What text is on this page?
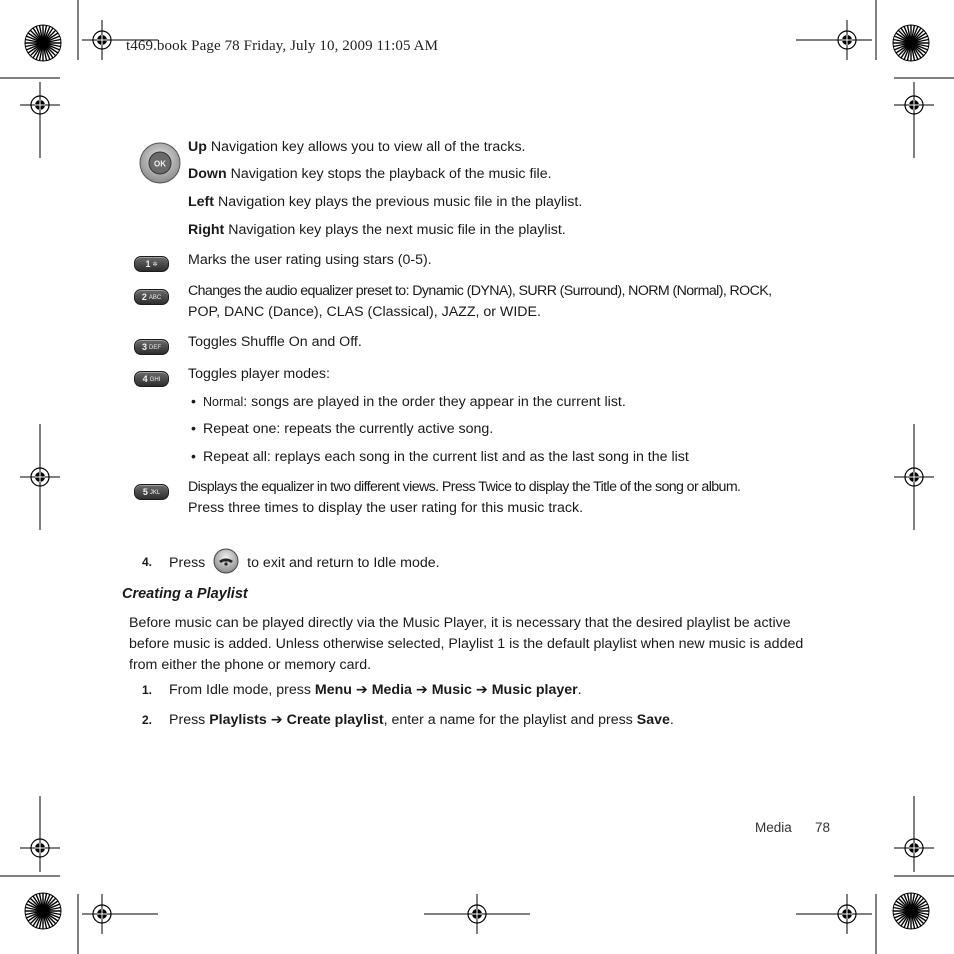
t469.book Page 78 Friday, July 10, 2009 11:05 AM
OK
Up Navigation key allows you to view all of the tracks.
Down Navigation key stops the playback of the music file.
Left Navigation key plays the previous music file in the playlist.
Right Navigation key plays the next music file in the playlist.
1 ✲	Marks the user rating using stars (0-5).
2 ABC	Changes the audio equalizer preset to: Dynamic (DYNA), SURR (Surround), NORM (Normal), ROCK,
POP, DANC (Dance), CLAS (Classical), JAZZ, or WIDE.
3 DEF	Toggles Shuffle On and Off.
4 GHI	Toggles player modes:
• Normal: songs are played in the order they appear in the current list.
• Repeat one: repeats the currently active song.
• Repeat all: replays each song in the current list and as the last song in the list
5 JKL	Displays the equalizer in two different views. Press Twice to display the Title of the song or album.
Press three times to display the user rating for this music track.
4. Press  to exit and return to Idle mode.
Creating a Playlist
Before music can be played directly via the Music Player, it is necessary that the desired playlist be active before music is added. Unless otherwise selected, Playlist 1 is the default playlist when new music is added from either the phone or memory card.
1. From Idle mode, press Menu ➔ Media ➔ Music ➔ Music player.
2. Press Playlists ➔ Create playlist, enter a name for the playlist and press Save.
Media 78
